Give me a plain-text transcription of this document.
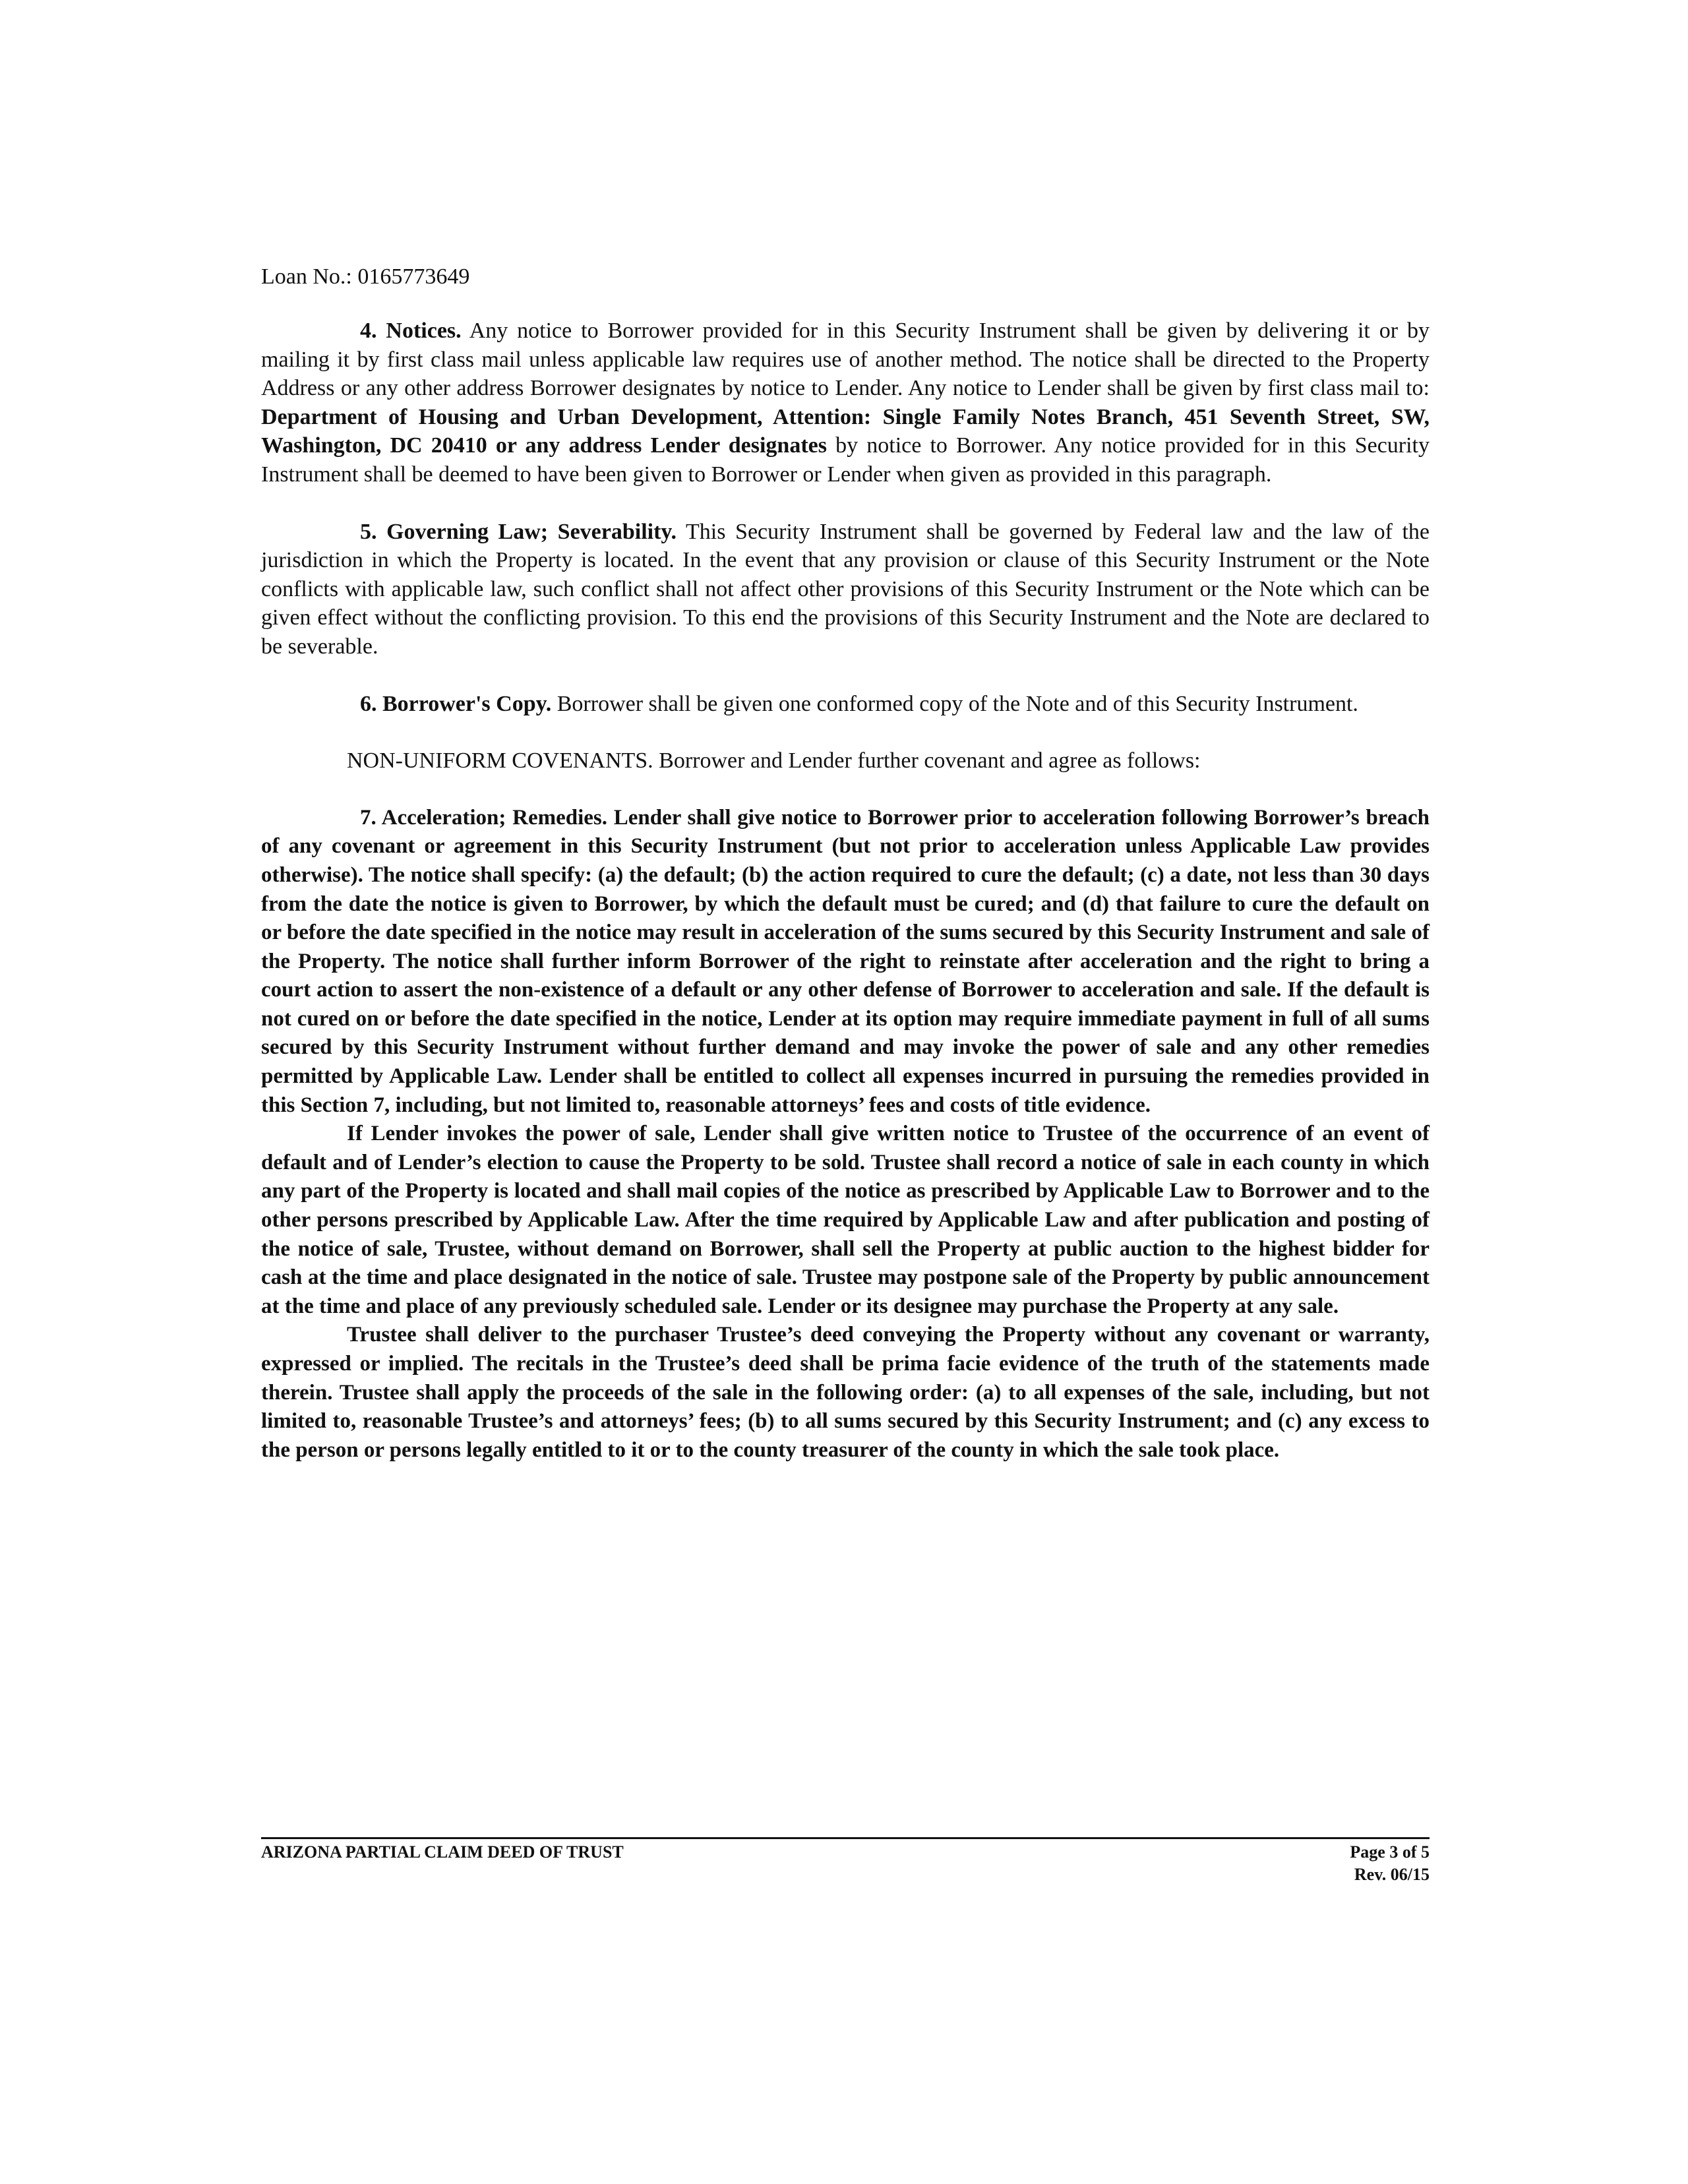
Loan No.: 0165773649

4. Notices. Any notice to Borrower provided for in this Security Instrument shall be given by delivering it or by mailing it by first class mail unless applicable law requires use of another method. The notice shall be directed to the Property Address or any other address Borrower designates by notice to Lender. Any notice to Lender shall be given by first class mail to: Department of Housing and Urban Development, Attention: Single Family Notes Branch, 451 Seventh Street, SW, Washington, DC 20410 or any address Lender designates by notice to Borrower. Any notice provided for in this Security Instrument shall be deemed to have been given to Borrower or Lender when given as provided in this paragraph.

5. Governing Law; Severability. This Security Instrument shall be governed by Federal law and the law of the jurisdiction in which the Property is located. In the event that any provision or clause of this Security Instrument or the Note conflicts with applicable law, such conflict shall not affect other provisions of this Security Instrument or the Note which can be given effect without the conflicting provision. To this end the provisions of this Security Instrument and the Note are declared to be severable.

6. Borrower's Copy. Borrower shall be given one conformed copy of the Note and of this Security Instrument.

NON-UNIFORM COVENANTS. Borrower and Lender further covenant and agree as follows:

7. Acceleration; Remedies. Lender shall give notice to Borrower prior to acceleration following Borrower’s breach of any covenant or agreement in this Security Instrument (but not prior to acceleration unless Applicable Law provides otherwise). The notice shall specify: (a) the default; (b) the action required to cure the default; (c) a date, not less than 30 days from the date the notice is given to Borrower, by which the default must be cured; and (d) that failure to cure the default on or before the date specified in the notice may result in acceleration of the sums secured by this Security Instrument and sale of the Property. The notice shall further inform Borrower of the right to reinstate after acceleration and the right to bring a court action to assert the non-existence of a default or any other defense of Borrower to acceleration and sale. If the default is not cured on or before the date specified in the notice, Lender at its option may require immediate payment in full of all sums secured by this Security Instrument without further demand and may invoke the power of sale and any other remedies permitted by Applicable Law. Lender shall be entitled to collect all expenses incurred in pursuing the remedies provided in this Section 7, including, but not limited to, reasonable attorneys’ fees and costs of title evidence.

If Lender invokes the power of sale, Lender shall give written notice to Trustee of the occurrence of an event of default and of Lender’s election to cause the Property to be sold. Trustee shall record a notice of sale in each county in which any part of the Property is located and shall mail copies of the notice as prescribed by Applicable Law to Borrower and to the other persons prescribed by Applicable Law. After the time required by Applicable Law and after publication and posting of the notice of sale, Trustee, without demand on Borrower, shall sell the Property at public auction to the highest bidder for cash at the time and place designated in the notice of sale. Trustee may postpone sale of the Property by public announcement at the time and place of any previously scheduled sale. Lender or its designee may purchase the Property at any sale.

Trustee shall deliver to the purchaser Trustee’s deed conveying the Property without any covenant or warranty, expressed or implied. The recitals in the Trustee’s deed shall be prima facie evidence of the truth of the statements made therein. Trustee shall apply the proceeds of the sale in the following order: (a) to all expenses of the sale, including, but not limited to, reasonable Trustee’s and attorneys’ fees; (b) to all sums secured by this Security Instrument; and (c) any excess to the person or persons legally entitled to it or to the county treasurer of the county in which the sale took place.

ARIZONA PARTIAL CLAIM DEED OF TRUST	Page 3 of 5
Rev. 06/15
